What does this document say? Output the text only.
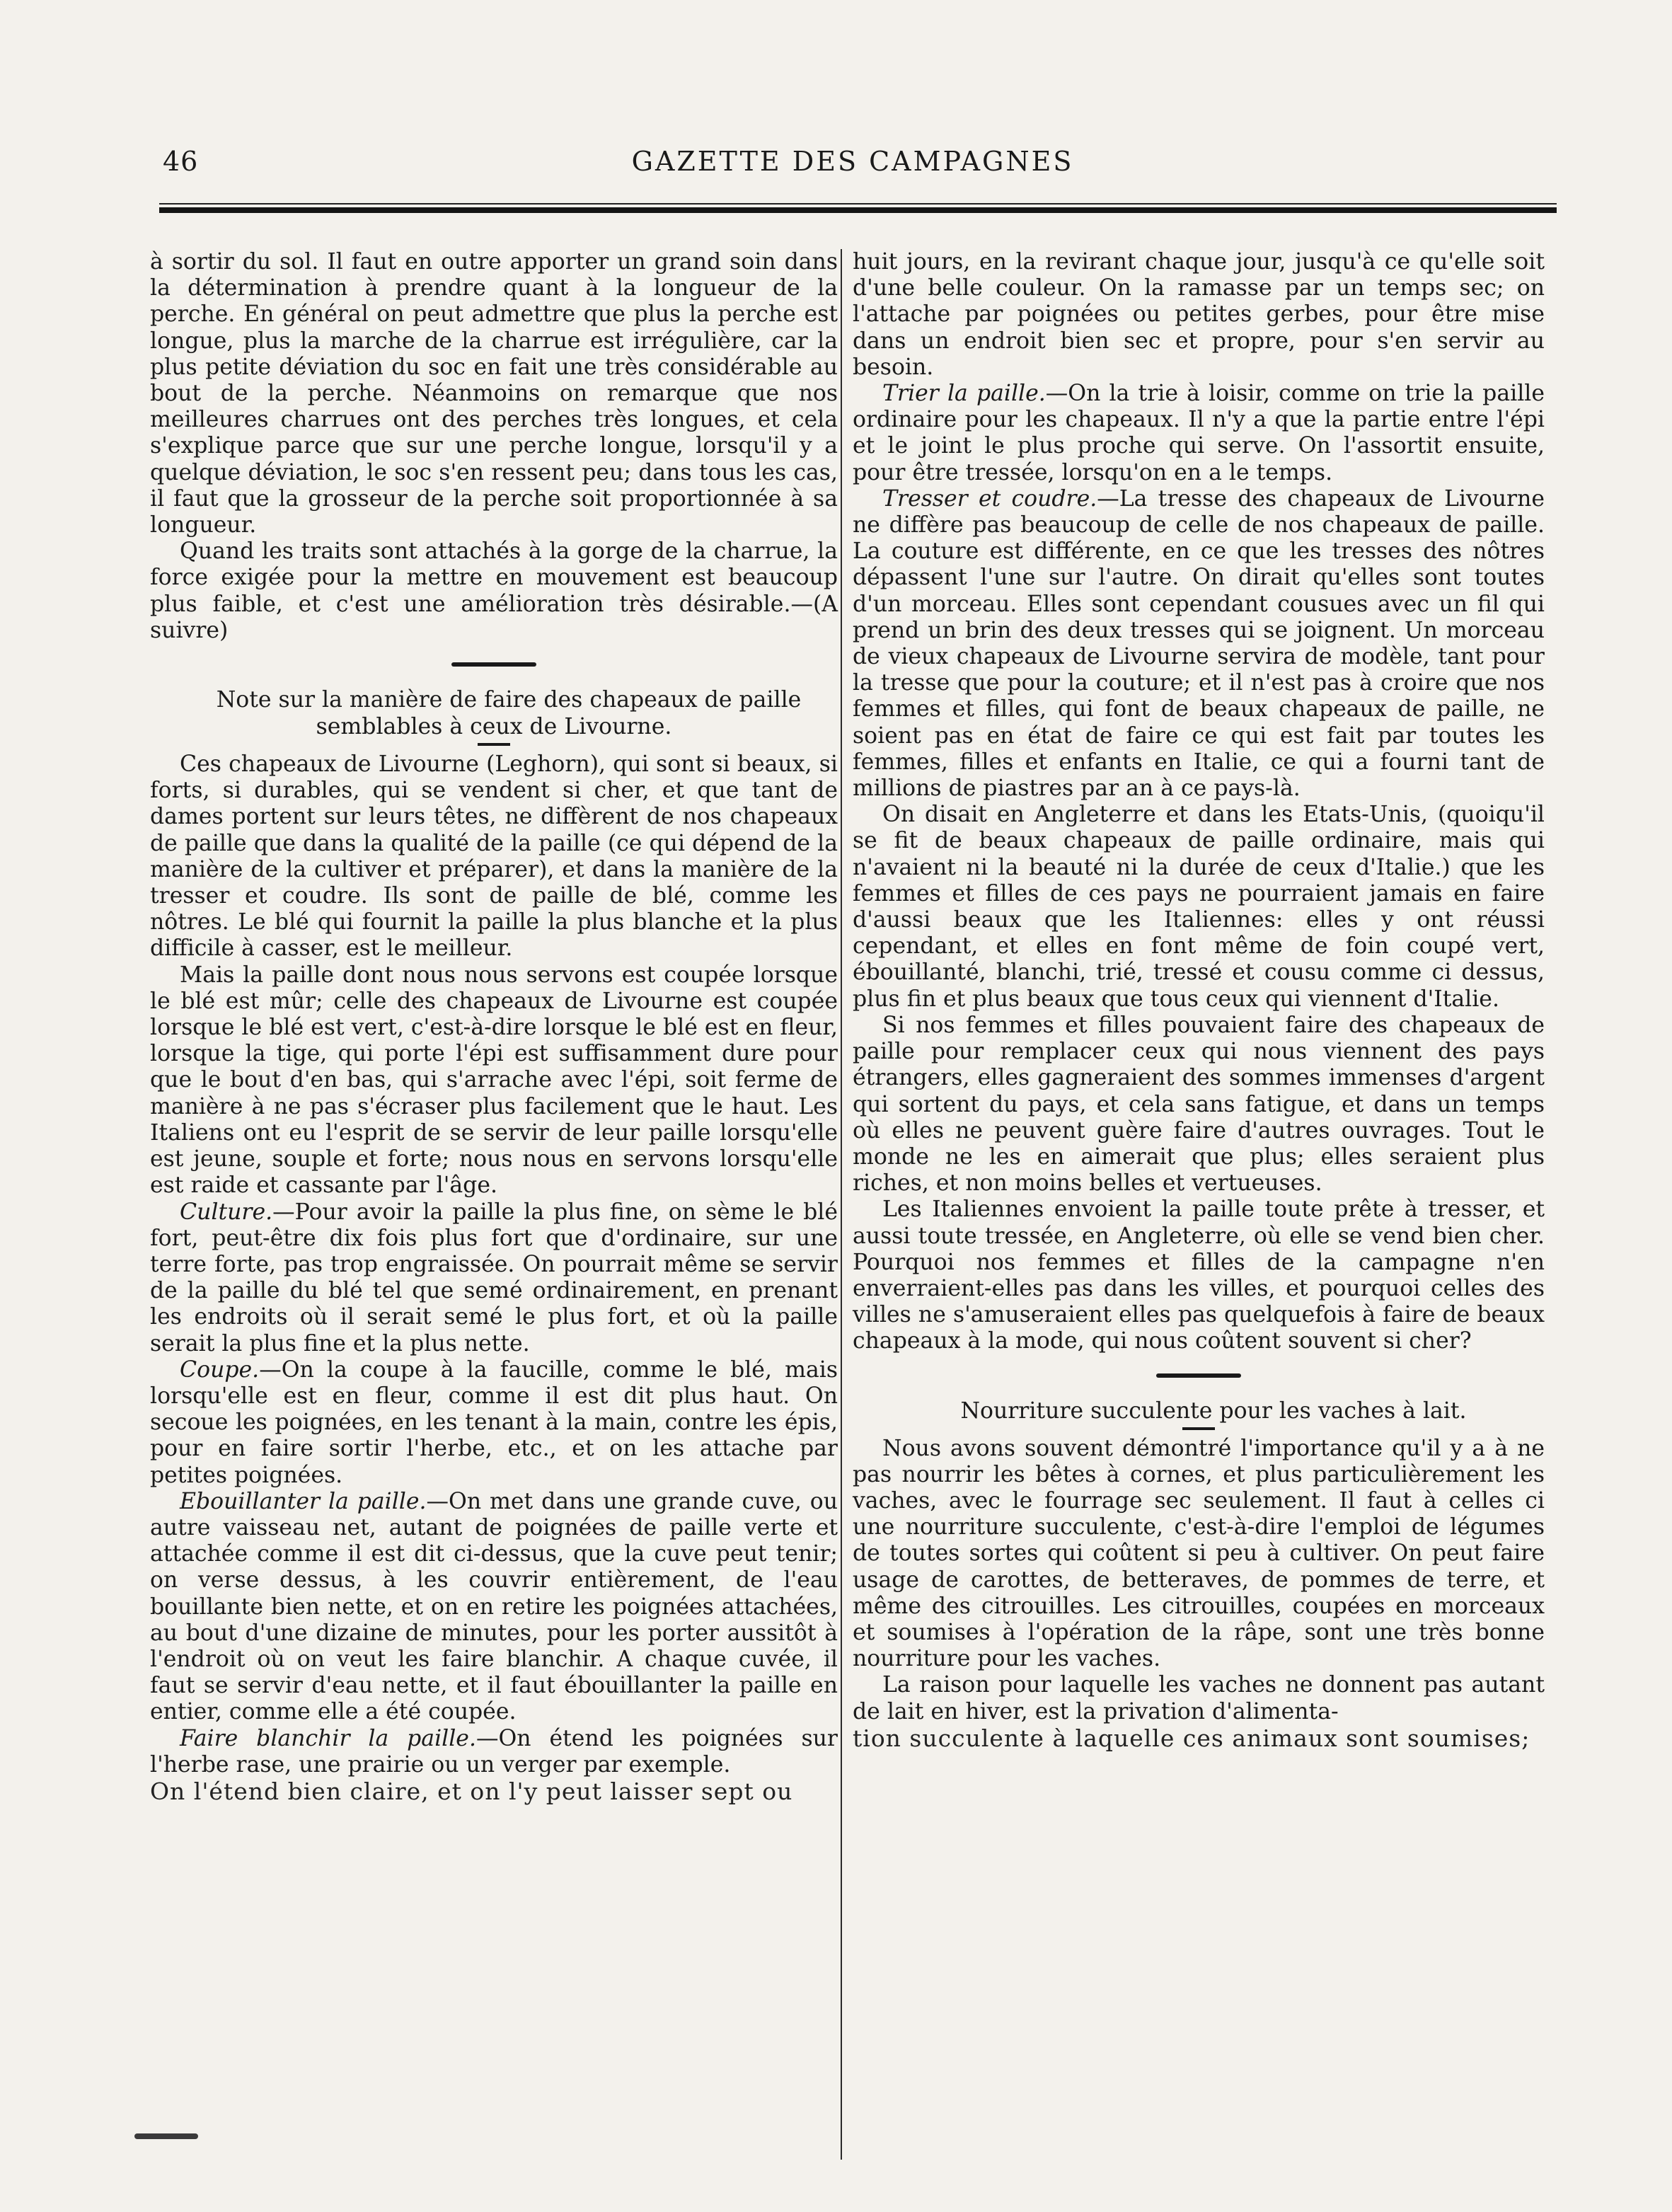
46	GAZETTE DES CAMPAGNES

à sortir du sol. Il faut en outre apporter un grand soin dans la détermination à prendre quant à la longueur de la perche. En général on peut admettre que plus la perche est longue, plus la marche de la charrue est irrégulière, car la plus petite déviation du soc en fait une très considérable au bout de la perche. Néanmoins on remarque que nos meilleures charrues ont des perches très longues, et cela s'explique parce que sur une perche longue, lorsqu'il y a quelque déviation, le soc s'en ressent peu; dans tous les cas, il faut que la grosseur de la perche soit proportionnée à sa longueur.

Quand les traits sont attachés à la gorge de la charrue, la force exigée pour la mettre en mouvement est beaucoup plus faible, et c'est une amélioration très désirable.—(A suivre)

Note sur la manière de faire des chapeaux de paille semblables à ceux de Livourne.

Ces chapeaux de Livourne (Leghorn), qui sont si beaux, si forts, si durables, qui se vendent si cher, et que tant de dames portent sur leurs têtes, ne diffèrent de nos chapeaux de paille que dans la qualité de la paille (ce qui dépend de la manière de la cultiver et préparer), et dans la manière de la tresser et coudre. Ils sont de paille de blé, comme les nôtres. Le blé qui fournit la paille la plus blanche et la plus difficile à casser, est le meilleur.

Mais la paille dont nous nous servons est coupée lorsque le blé est mûr; celle des chapeaux de Livourne est coupée lorsque le blé est vert, c'est-à-dire lorsque le blé est en fleur, lorsque la tige, qui porte l'épi est suffisamment dure pour que le bout d'en bas, qui s'arrache avec l'épi, soit ferme de manière à ne pas s'écraser plus facilement que le haut. Les Italiens ont eu l'esprit de se servir de leur paille lorsqu'elle est jeune, souple et forte; nous nous en servons lorsqu'elle est raide et cassante par l'âge.

Culture.—Pour avoir la paille la plus fine, on sème le blé fort, peut-être dix fois plus fort que d'ordinaire, sur une terre forte, pas trop engraissée. On pourrait même se servir de la paille du blé tel que semé ordinairement, en prenant les endroits où il serait semé le plus fort, et où la paille serait la plus fine et la plus nette.

Coupe.—On la coupe à la faucille, comme le blé, mais lorsqu'elle est en fleur, comme il est dit plus haut. On secoue les poignées, en les tenant à la main, contre les épis, pour en faire sortir l'herbe, etc., et on les attache par petites poignées.

Ebouillanter la paille.—On met dans une grande cuve, ou autre vaisseau net, autant de poignées de paille verte et attachée comme il est dit ci-dessus, que la cuve peut tenir; on verse dessus, à les couvrir entièrement, de l'eau bouillante bien nette, et on en retire les poignées attachées, au bout d'une dizaine de minutes, pour les porter aussitôt à l'endroit où on veut les faire blanchir. A chaque cuvée, il faut se servir d'eau nette, et il faut ébouillanter la paille en entier, comme elle a été coupée.

Faire blanchir la paille.—On étend les poignées sur l'herbe rase, une prairie ou un verger par exemple.

On l'étend bien claire, et on l'y peut laisser sept ou

huit jours, en la revirant chaque jour, jusqu'à ce qu'elle soit d'une belle couleur. On la ramasse par un temps sec; on l'attache par poignées ou petites gerbes, pour être mise dans un endroit bien sec et propre, pour s'en servir au besoin.

Trier la paille.—On la trie à loisir, comme on trie la paille ordinaire pour les chapeaux. Il n'y a que la partie entre l'épi et le joint le plus proche qui serve. On l'assortit ensuite, pour être tressée, lorsqu'on en a le temps.

Tresser et coudre.—La tresse des chapeaux de Livourne ne diffère pas beaucoup de celle de nos chapeaux de paille. La couture est différente, en ce que les tresses des nôtres dépassent l'une sur l'autre. On dirait qu'elles sont toutes d'un morceau. Elles sont cependant cousues avec un fil qui prend un brin des deux tresses qui se joignent. Un morceau de vieux chapeaux de Livourne servira de modèle, tant pour la tresse que pour la couture; et il n'est pas à croire que nos femmes et filles, qui font de beaux chapeaux de paille, ne soient pas en état de faire ce qui est fait par toutes les femmes, filles et enfants en Italie, ce qui a fourni tant de millions de piastres par an à ce pays-là.

On disait en Angleterre et dans les Etats-Unis, (quoiqu'il se fit de beaux chapeaux de paille ordinaire, mais qui n'avaient ni la beauté ni la durée de ceux d'Italie.) que les femmes et filles de ces pays ne pourraient jamais en faire d'aussi beaux que les Italiennes: elles y ont réussi cependant, et elles en font même de foin coupé vert, ébouillanté, blanchi, trié, tressé et cousu comme ci dessus, plus fin et plus beaux que tous ceux qui viennent d'Italie.

Si nos femmes et filles pouvaient faire des chapeaux de paille pour remplacer ceux qui nous viennent des pays étrangers, elles gagneraient des sommes immenses d'argent qui sortent du pays, et cela sans fatigue, et dans un temps où elles ne peuvent guère faire d'autres ouvrages. Tout le monde ne les en aimerait que plus; elles seraient plus riches, et non moins belles et vertueuses.

Les Italiennes envoient la paille toute prête à tresser, et aussi toute tressée, en Angleterre, où elle se vend bien cher. Pourquoi nos femmes et filles de la campagne n'en enverraient-elles pas dans les villes, et pourquoi celles des villes ne s'amuseraient elles pas quelquefois à faire de beaux chapeaux à la mode, qui nous coûtent souvent si cher?

Nourriture succulente pour les vaches à lait.

Nous avons souvent démontré l'importance qu'il y a à ne pas nourrir les bêtes à cornes, et plus particulièrement les vaches, avec le fourrage sec seulement. Il faut à celles ci une nourriture succulente, c'est-à-dire l'emploi de légumes de toutes sortes qui coûtent si peu à cultiver. On peut faire usage de carottes, de betteraves, de pommes de terre, et même des citrouilles. Les citrouilles, coupées en morceaux et soumises à l'opération de la râpe, sont une très bonne nourriture pour les vaches.

La raison pour laquelle les vaches ne donnent pas autant de lait en hiver, est la privation d'alimenta-

tion succulente à laquelle ces animaux sont soumises;
